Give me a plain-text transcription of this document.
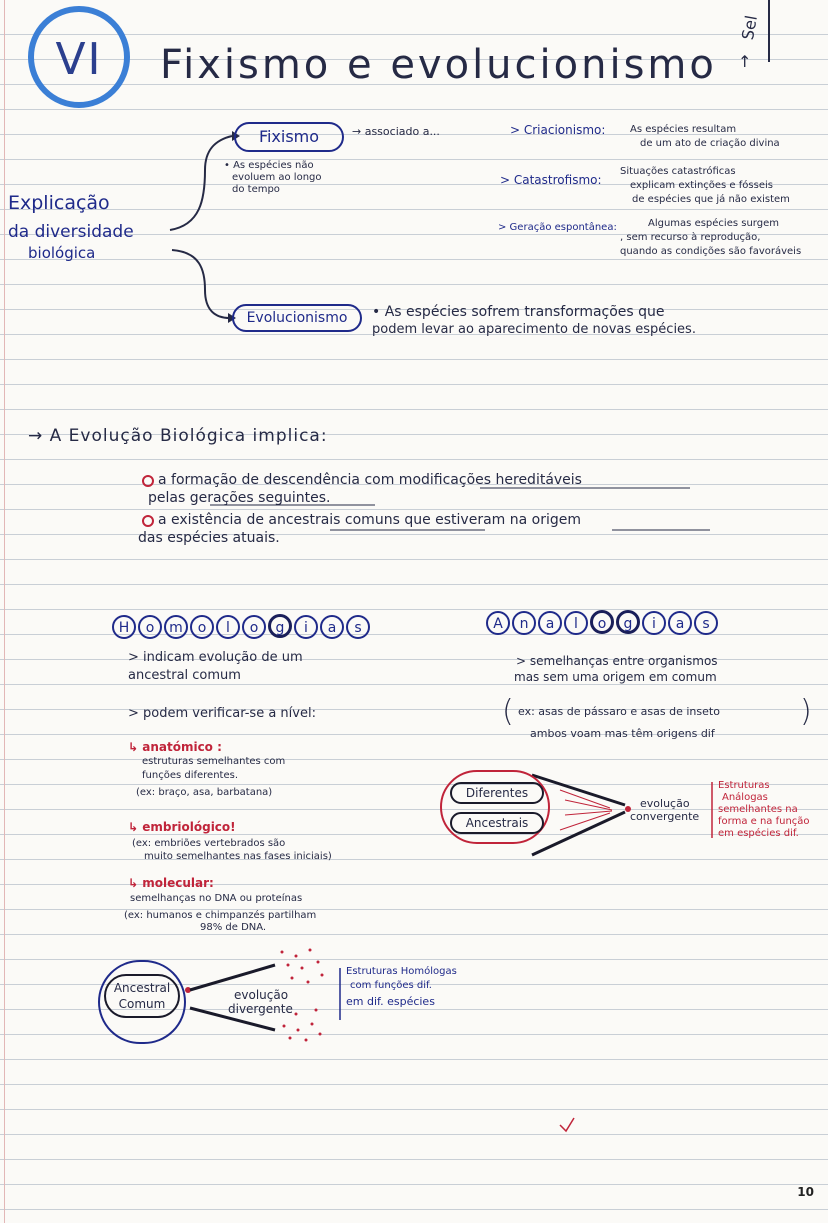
VI	Fixismo e evolucionismo
Sel
↑
Explicação
da diversidade
biológica
Fixismo	→ associado a...
• As espécies não
evoluem ao longo
do tempo
> Criacionismo: As espécies resultam
de um ato de criação divina
> Catastrofismo:
Situações catastróficas
explicam extinções e fósseis
de espécies que já não existem
> Geração espontânea:	Algumas espécies surgem
, sem recurso à reprodução,
quando as condições são favoráveis
Evolucionismo	• As espécies sofrem transformações que
podem levar ao aparecimento de novas espécies.
→ A Evolução Biológica implica:
a formação de descendência com modificações hereditáveis
pelas gerações seguintes.
a existência de ancestrais comuns que estiveram na origem
das espécies atuais.
H o m o l o g i a s	A n a l o g i a s
> indicam evolução de um
ancestral comum
> podem verificar-se a nível:
↳ anatómico :
estruturas semelhantes com
funções diferentes.
(ex: braço, asa, barbatana)
↳ embriológico!
(ex: embriões vertebrados são
muito semelhantes nas fases iniciais)
↳ molecular:
semelhanças no DNA ou proteínas
(ex: humanos e chimpanzés partilham
98% de DNA.
Ancestral
Comum
evolução
divergente
Estruturas Homólogas
com funções dif.
em dif. espécies
> semelhanças entre organismos
mas sem uma origem em comum
( ex: asas de pássaro e asas de inseto
ambos voam mas têm origens dif
)
Diferentes
Ancestrais
evolução
convergente
Estruturas
Análogas
semelhantes na
forma e na função
em espécies dif.
10
